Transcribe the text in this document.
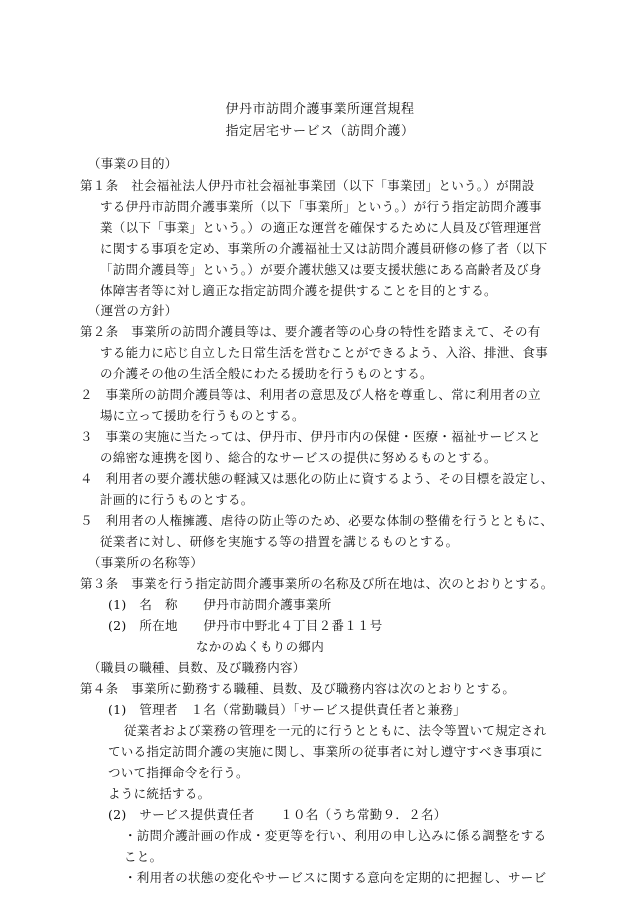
伊丹市訪問介護事業所運営規程
指定居宅サービス（訪問介護）
（事業の目的）
第１条　社会福祉法人伊丹市社会福祉事業団（以下「事業団」という。）が開設
する伊丹市訪問介護事業所（以下「事業所」という。）が行う指定訪問介護事
業（以下「事業」という。）の適正な運営を確保するために人員及び管理運営
に関する事項を定め、事業所の介護福祉士又は訪問介護員研修の修了者（以下
「訪問介護員等」という。）が要介護状態又は要支援状態にある高齢者及び身
体障害者等に対し適正な指定訪問介護を提供することを目的とする。
（運営の方針）
第２条　事業所の訪問介護員等は、要介護者等の心身の特性を踏まえて、その有
する能力に応じ自立した日常生活を営むことができるよう、入浴、排泄、食事
の介護その他の生活全般にわたる援助を行うものとする。
２　事業所の訪問介護員等は、利用者の意思及び人格を尊重し、常に利用者の立
場に立って援助を行うものとする。
３　事業の実施に当たっては、伊丹市、伊丹市内の保健・医療・福祉サービスと
の綿密な連携を図り、総合的なサービスの提供に努めるものとする。
４　利用者の要介護状態の軽減又は悪化の防止に資するよう、その目標を設定し、
計画的に行うものとする。
５　利用者の人権擁護、虐待の防止等のため、必要な体制の整備を行うとともに、
従業者に対し、研修を実施する等の措置を講じるものとする。
（事業所の名称等）
第３条　事業を行う指定訪問介護事業所の名称及び所在地は、次のとおりとする。
(1)　名　称　　伊丹市訪問介護事業所
(2)　所在地　　伊丹市中野北４丁目２番１１号
なかのぬくもりの郷内
（職員の職種、員数、及び職務内容）
第４条　事業所に勤務する職種、員数、及び職務内容は次のとおりとする。
(1)　管理者　１名（常勤職員）「サービス提供責任者と兼務」
従業者および業務の管理を一元的に行うとともに、法令等置いて規定され
ている指定訪問介護の実施に関し、事業所の従事者に対し遵守すべき事項に
ついて指揮命令を行う。
ように統括する。
(2)　サービス提供責任者　　１０名（うち常勤９．２名）
・訪問介護計画の作成・変更等を行い、利用の申し込みに係る調整をする
こと。
・利用者の状態の変化やサービスに関する意向を定期的に把握し、サービ
